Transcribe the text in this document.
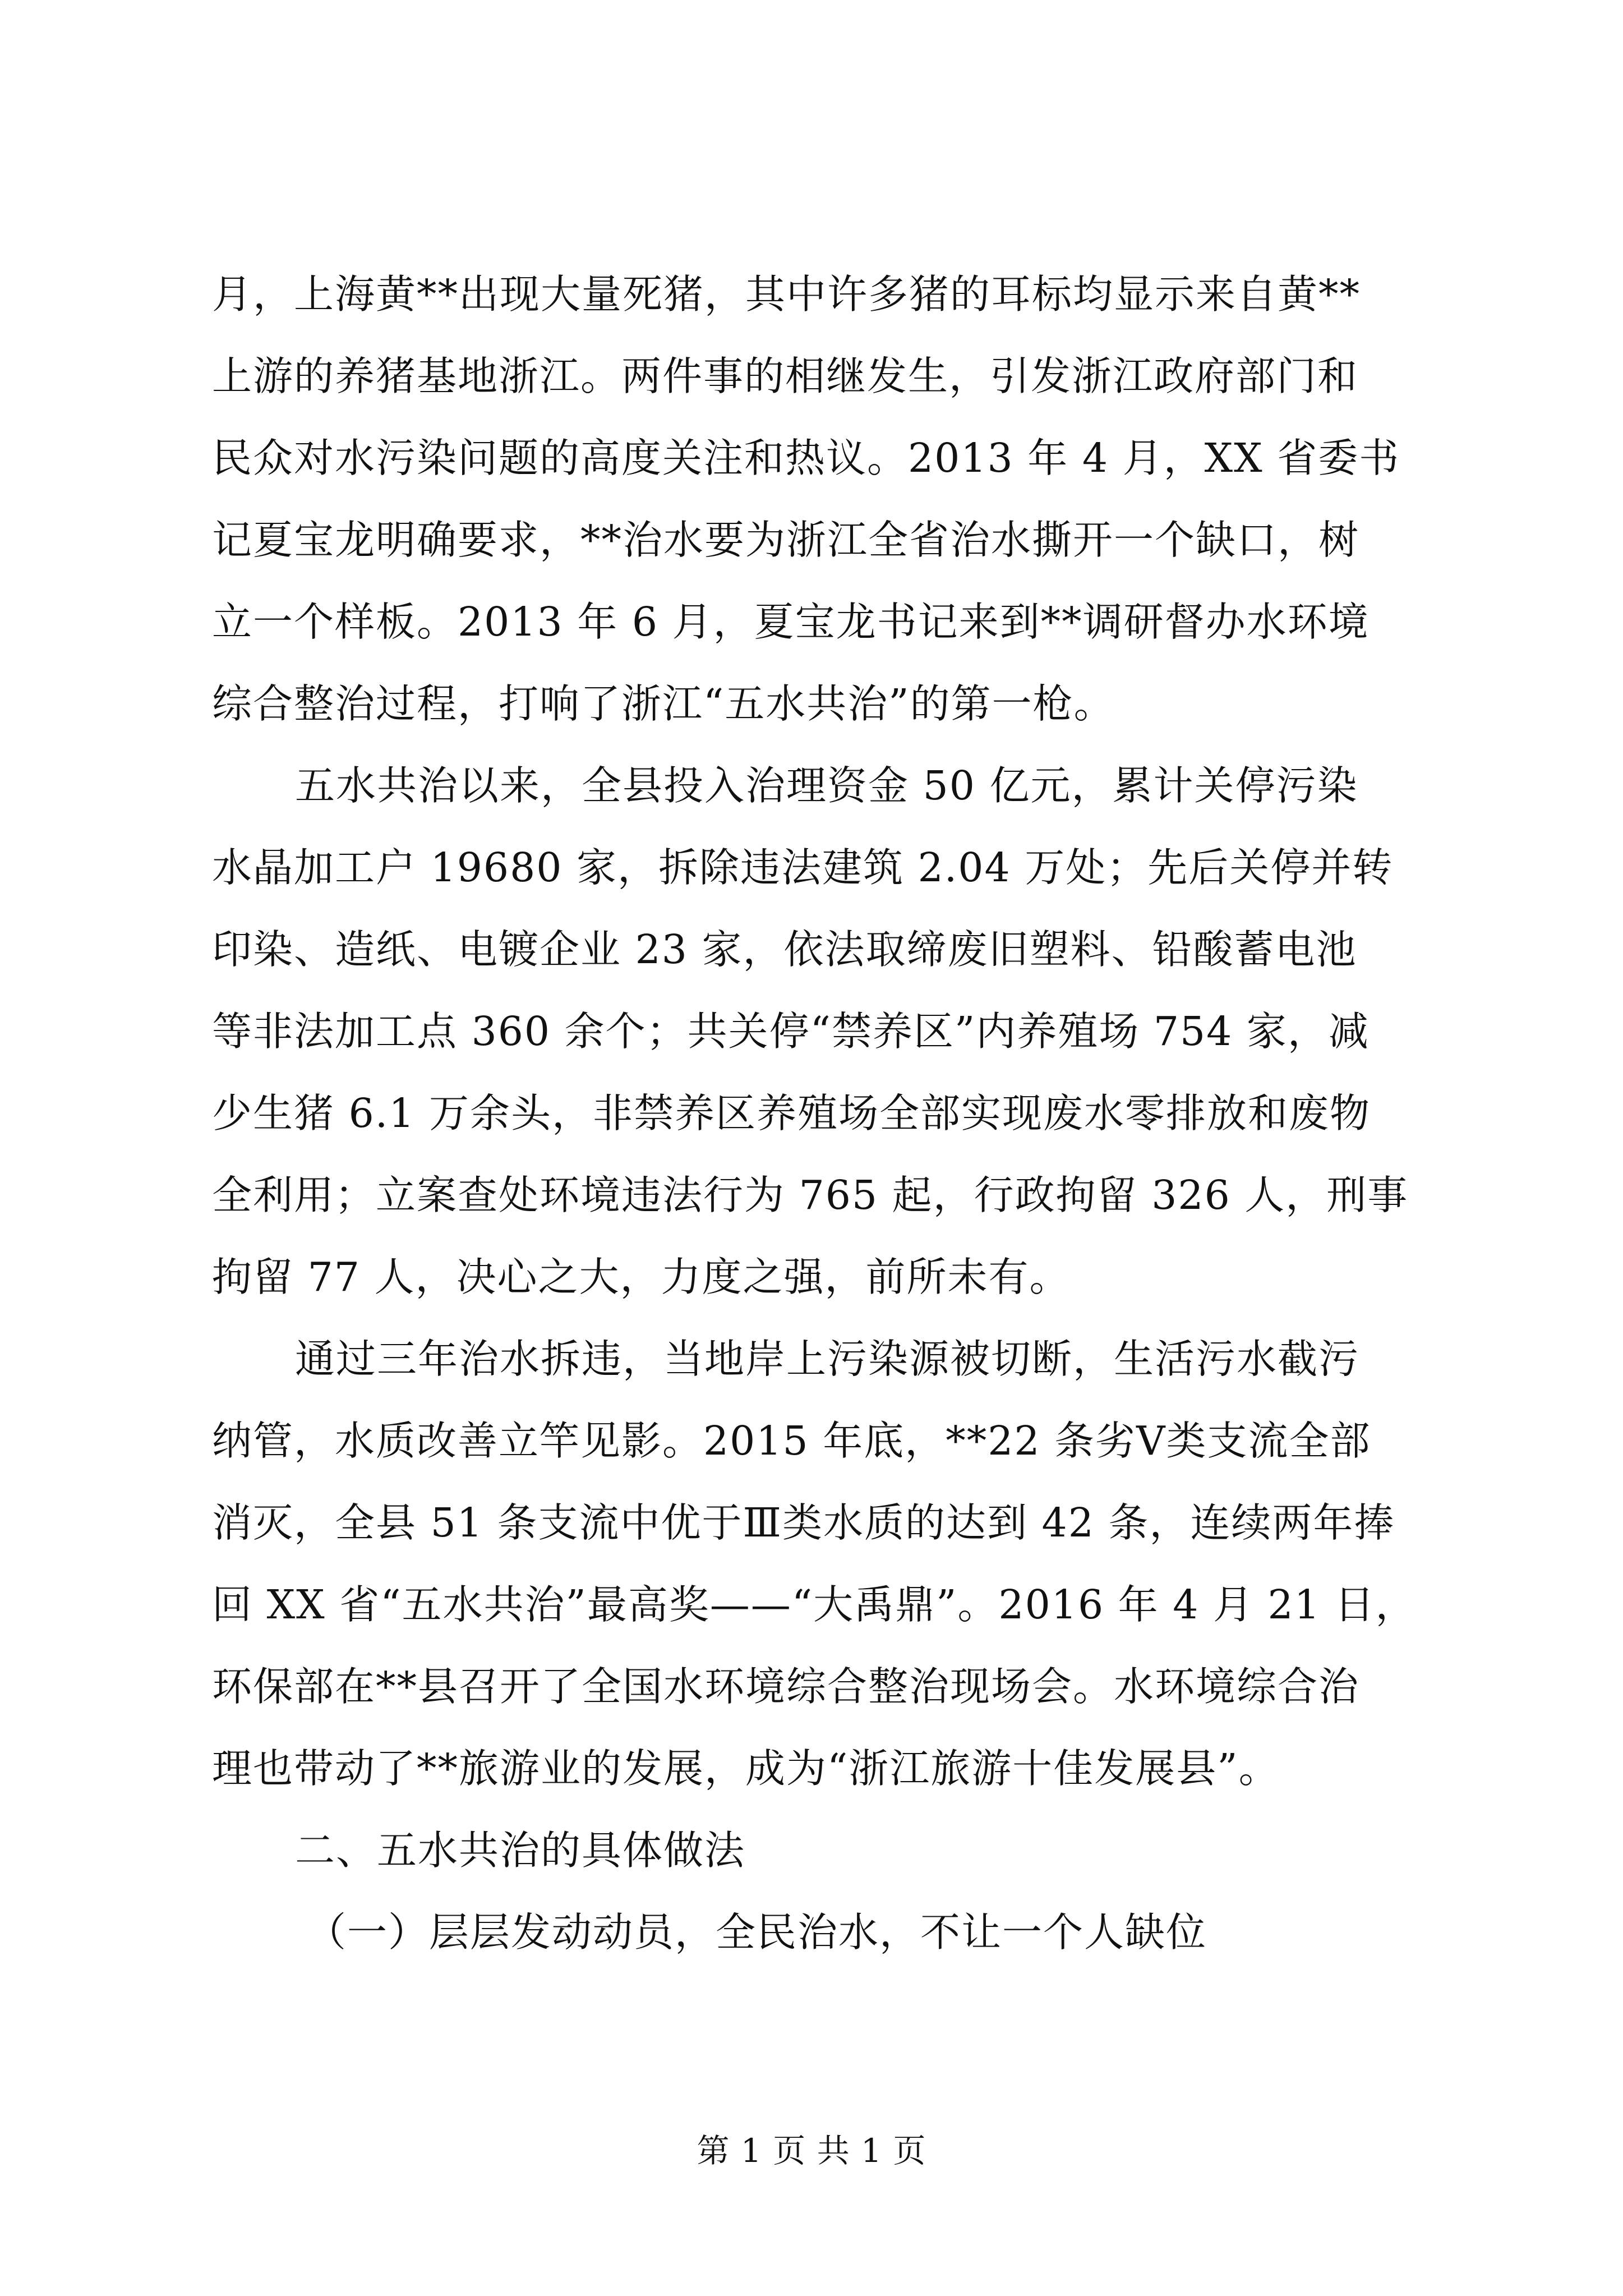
月，上海黄**出现大量死猪，其中许多猪的耳标均显示来自黄**
上游的养猪基地浙江。两件事的相继发生，引发浙江政府部门和
民众对水污染问题的高度关注和热议。2013 年 4 月，XX 省委书
记夏宝龙明确要求，**治水要为浙江全省治水撕开一个缺口，树
立一个样板。2013 年 6 月，夏宝龙书记来到**调研督办水环境
综合整治过程，打响了浙江“五水共治”的第一枪。
五水共治以来，全县投入治理资金 50 亿元，累计关停污染
水晶加工户 19680 家，拆除违法建筑 2.04 万处；先后关停并转
印染、造纸、电镀企业 23 家，依法取缔废旧塑料、铅酸蓄电池
等非法加工点 360 余个；共关停“禁养区”内养殖场 754 家，减
少生猪 6.1 万余头，非禁养区养殖场全部实现废水零排放和废物
全利用；立案查处环境违法行为 765 起，行政拘留 326 人，刑事
拘留 77 人，决心之大，力度之强，前所未有。
通过三年治水拆违，当地岸上污染源被切断，生活污水截污
纳管，水质改善立竿见影。2015 年底，**22 条劣Ⅴ类支流全部
消灭，全县 51 条支流中优于Ⅲ类水质的达到 42 条，连续两年捧
回 XX 省“五水共治”最高奖——“大禹鼎”。2016 年 4 月 21 日，
环保部在**县召开了全国水环境综合整治现场会。水环境综合治
理也带动了**旅游业的发展，成为“浙江旅游十佳发展县”。
二、五水共治的具体做法
（一）层层发动动员，全民治水，不让一个人缺位
第 1 页 共 1 页
